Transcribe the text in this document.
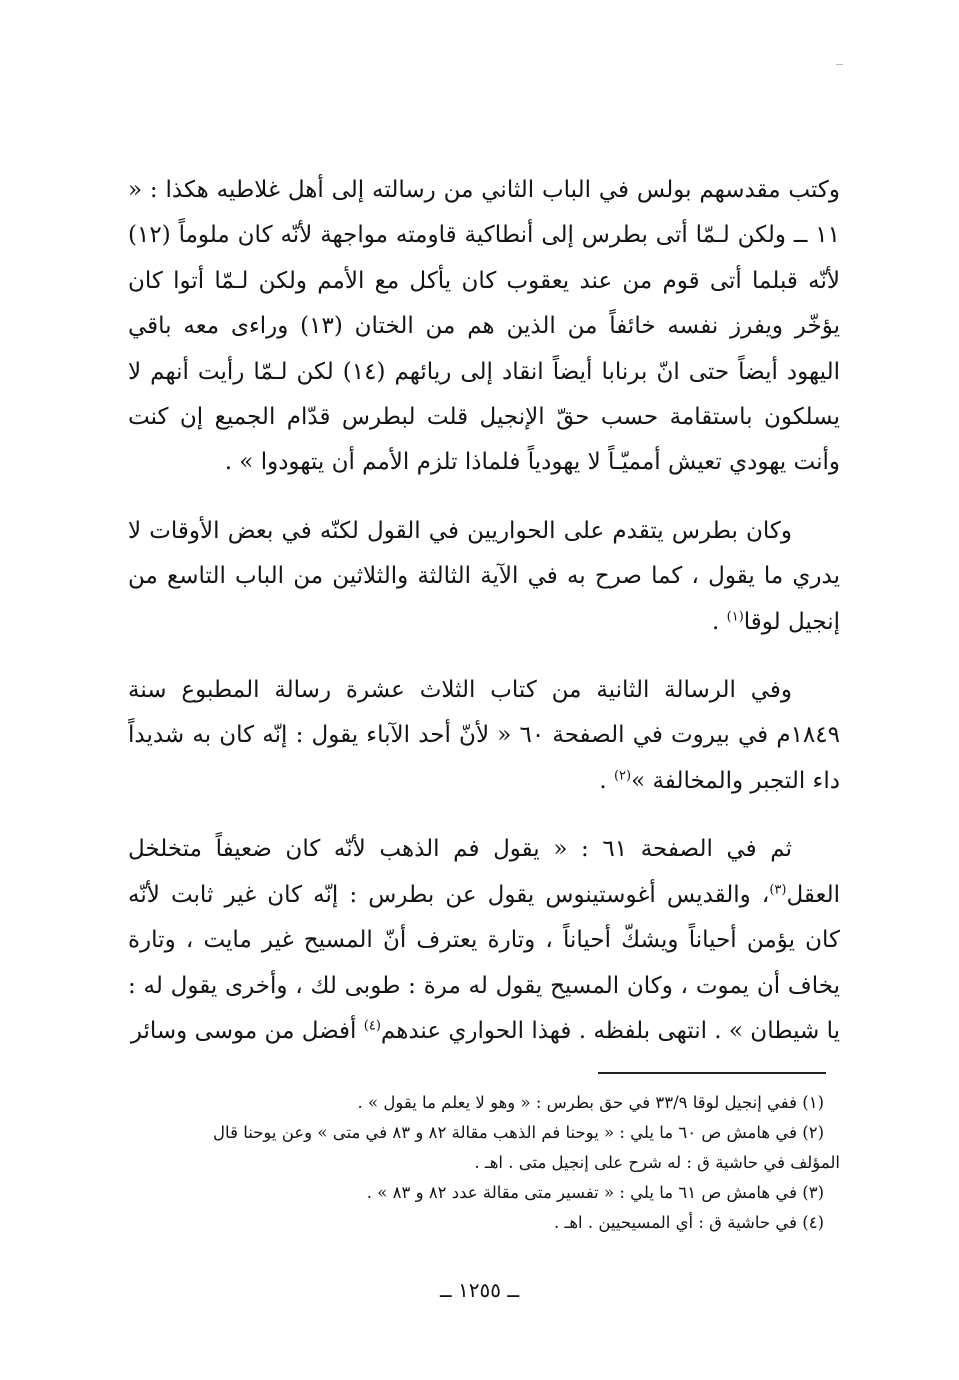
وكتب مقدسهم بولس في الباب الثاني من رسالته إلى أهل غلاطيه هكذا : « ١١ ــ ولكن لـمّا أتى بطرس إلى أنطاكية قاومته مواجهة لأنّه كان ملوماً (١٢) لأنّه قبلما أتى قوم من عند يعقوب كان يأكل مع الأمم ولكن لـمّا أتوا كان يؤخّر ويفرز نفسه خائفاً من الذين هم من الختان (١٣) وراءى معه باقي اليهود أيضاً حتى انّ برنابا أيضاً انقاد إلى ريائهم (١٤) لكن لـمّا رأيت أنهم لا يسلكون باستقامة حسب حقّ الإنجيل قلت لبطرس قدّام الجميع إن كنت وأنت يهودي تعيش أمميّـاً لا يهودياً فلماذا تلزم الأمم أن يتهودوا » .

وكان بطرس يتقدم على الحواريين في القول لكنّه في بعض الأوقات لا يدري ما يقول ، كما صرح به في الآية الثالثة والثلاثين من الباب التاسع من إنجيل لوقا$^{(١)}$ .

وفي الرسالة الثانية من كتاب الثلاث عشرة رسالة المطبوع سنة ١٨٤٩م في بيروت في الصفحة ٦٠ « لأنّ أحد الآباء يقول : إنّه كان به شديداً داء التجبر والمخالفة »$^{(٢)}$ .

ثم في الصفحة ٦١ : « يقول فم الذهب لأنّه كان ضعيفاً متخلخل العقل$^{(٣)}$، والقديس أغوستينوس يقول عن بطرس : إنّه كان غير ثابت لأنّه كان يؤمن أحياناً ويشكّ أحياناً ، وتارة يعترف أنّ المسيح غير مايت ، وتارة يخاف أن يموت ، وكان المسيح يقول له مرة : طوبى لك ، وأخرى يقول له : يا شيطان » . انتهى بلفظه . فهذا الحواري عندهم$^{(٤)}$ أفضل من موسى وسائر

(١) ففي إنجيل لوقا ٣٣/٩ في حق بطرس : « وهو لا يعلم ما يقول » .

(٢) في هامش ص ٦٠ ما يلي : « يوحنا فم الذهب مقالة ٨٢ و ٨٣ في متى » وعن يوحنا قال

المؤلف في حاشية ق : له شرح على إنجيل متى . اهـ .

(٣) في هامش ص ٦١ ما يلي : « تفسير متى مقالة عدد ٨٢ و ٨٣ » .

(٤) في حاشية ق : أي المسيحيين . اهـ .

ــ ١٢٥٥ ــ
